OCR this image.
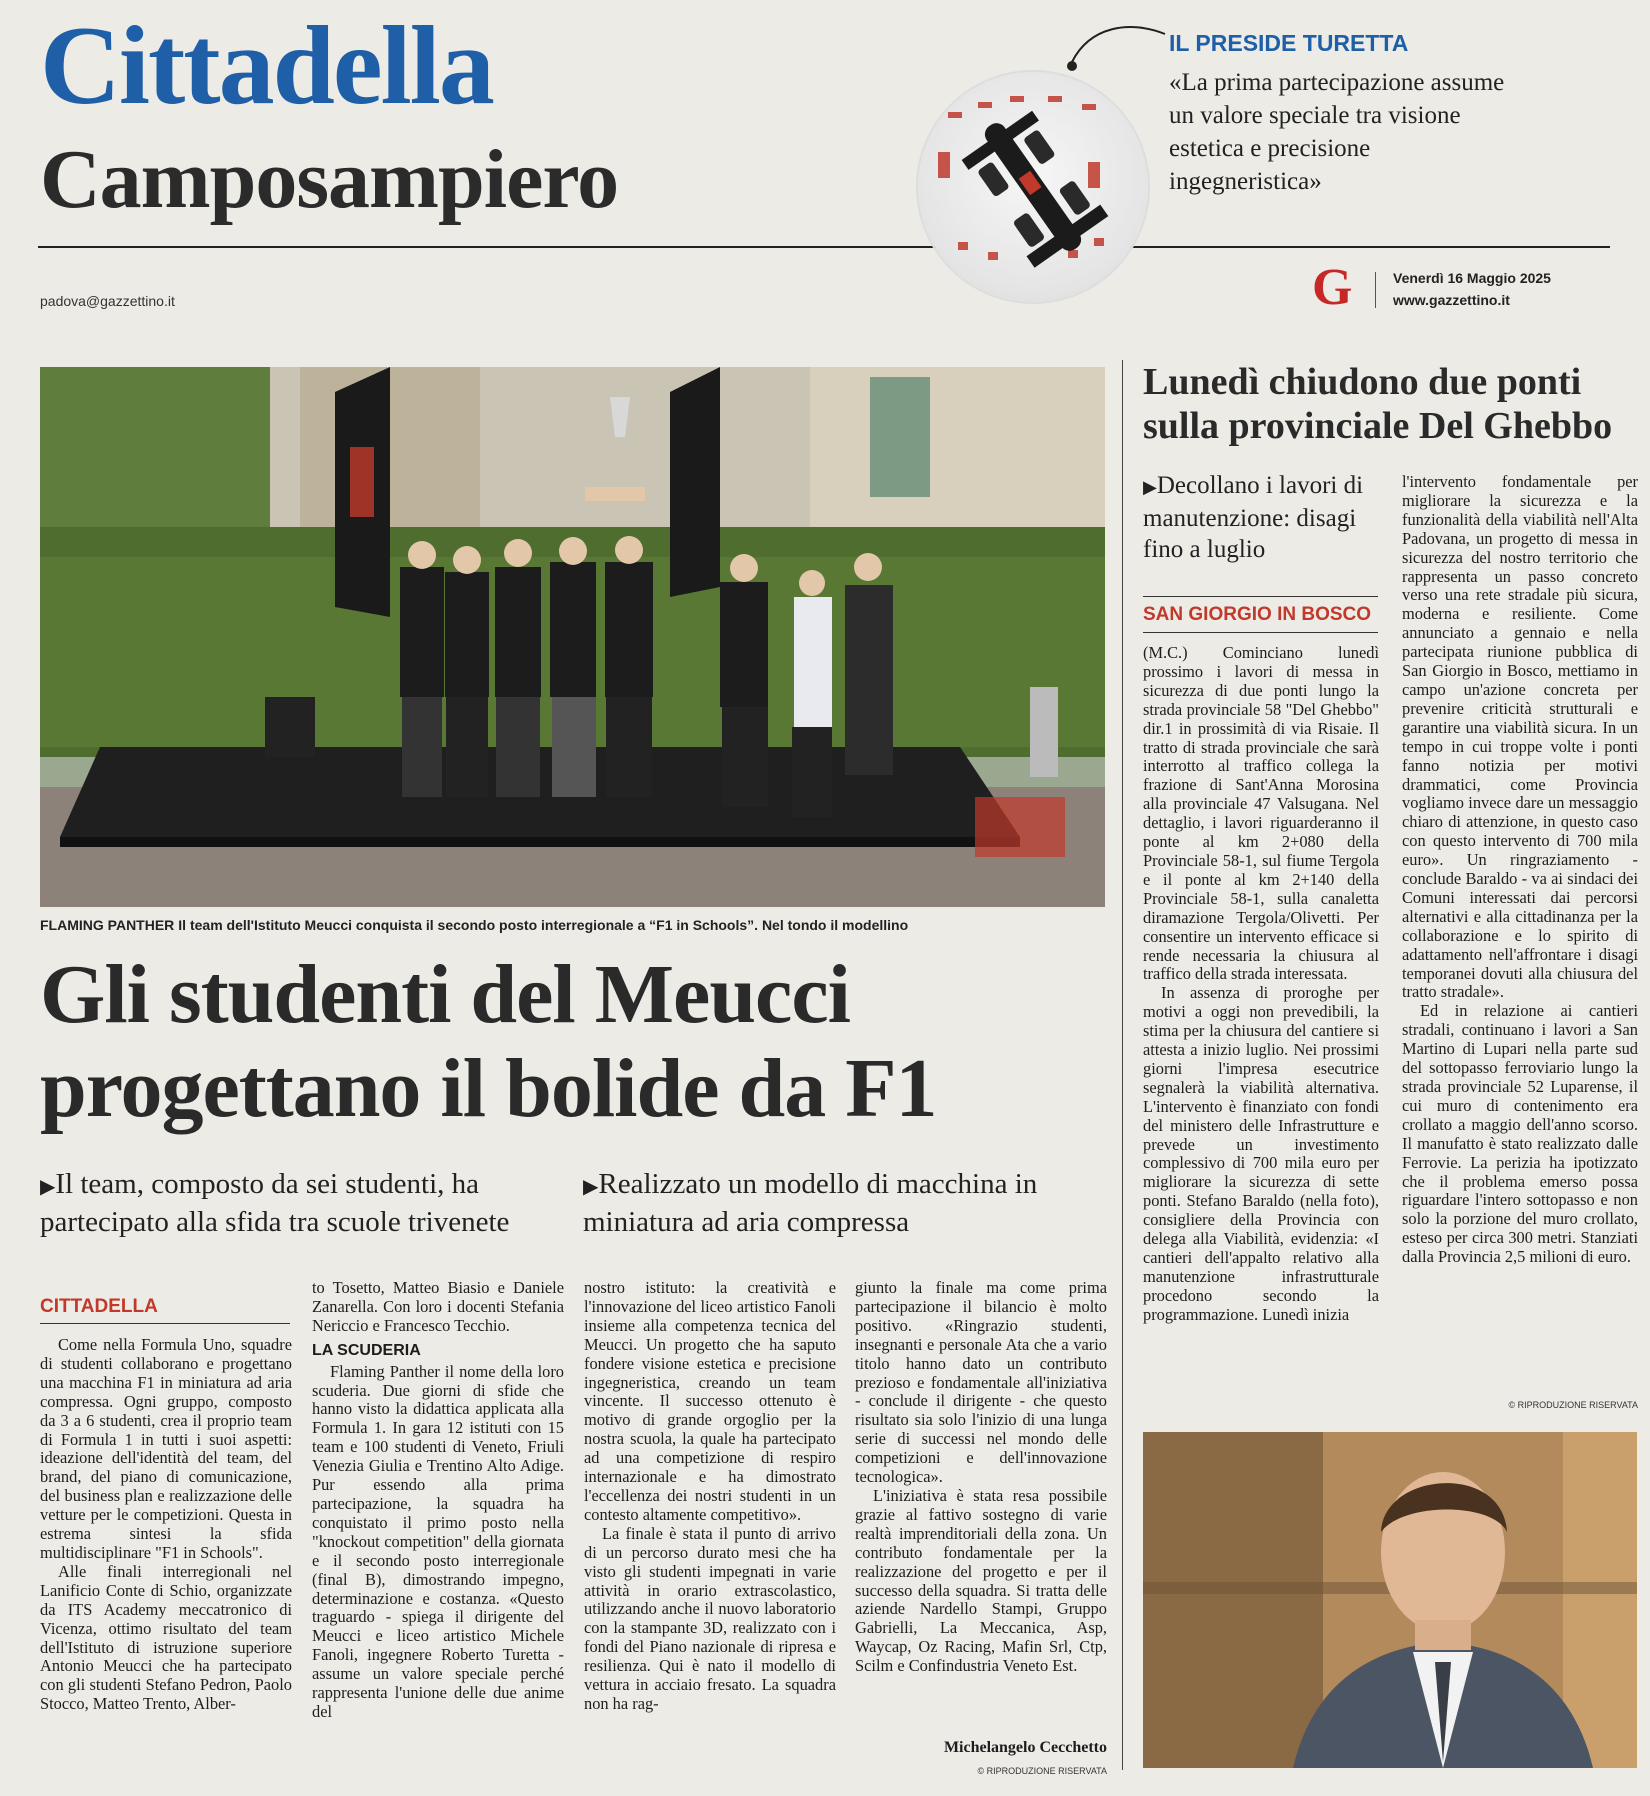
Cittadella
Camposampiero
padova@gazzettino.it	G	Venerdì 16 Maggio 2025
www.gazzettino.it
IL PRESIDE TURETTA
«La prima partecipazione assume un valore speciale tra visione estetica e precisione ingegneristica»
FLAMING PANTHER Il team dell'Istituto Meucci conquista il secondo posto interregionale a “F1 in Schools”. Nel tondo il modellino
Gli studenti del Meucci
progettano il bolide da F1
▶Il team, composto da sei studenti, ha partecipato alla sfida tra scuole trivenete
▶Realizzato un modello di macchina in miniatura ad aria compressa
CITTADELLA

Come nella Formula Uno, squadre di studenti collaborano e progettano una macchina F1 in miniatura ad aria compressa. Ogni gruppo, composto da 3 a 6 studenti, crea il proprio team di Formula 1 in tutti i suoi aspetti: ideazione dell'identità del team, del brand, del piano di comunicazione, del business plan e realizzazione delle vetture per le competizioni. Questa in estrema sintesi la sfida multidisciplinare "F1 in Schools".

Alle finali interregionali nel Lanificio Conte di Schio, organizzate da ITS Academy meccatronico di Vicenza, ottimo risultato del team dell'Istituto di istruzione superiore Antonio Meucci che ha partecipato con gli studenti Stefano Pedron, Paolo Stocco, Matteo Trento, Alber-

to Tosetto, Matteo Biasio e Daniele Zanarella. Con loro i docenti Stefania Nericcio e Francesco Tecchio.

LA SCUDERIA

Flaming Panther il nome della loro scuderia. Due giorni di sfide che hanno visto la didattica applicata alla Formula 1. In gara 12 istituti con 15 team e 100 studenti di Veneto, Friuli Venezia Giulia e Trentino Alto Adige. Pur essendo alla prima partecipazione, la squadra ha conquistato il primo posto nella "knockout competition" della giornata e il secondo posto interregionale (final B), dimostrando impegno, determinazione e costanza. «Questo traguardo - spiega il dirigente del Meucci e liceo artistico Michele Fanoli, ingegnere Roberto Turetta - assume un valore speciale perché rappresenta l'unione delle due anime del

nostro istituto: la creatività e l'innovazione del liceo artistico Fanoli insieme alla competenza tecnica del Meucci. Un progetto che ha saputo fondere visione estetica e precisione ingegneristica, creando un team vincente. Il successo ottenuto è motivo di grande orgoglio per la nostra scuola, la quale ha partecipato ad una competizione di respiro internazionale e ha dimostrato l'eccellenza dei nostri studenti in un contesto altamente competitivo».

La finale è stata il punto di arrivo di un percorso durato mesi che ha visto gli studenti impegnati in varie attività in orario extrascolastico, utilizzando anche il nuovo laboratorio con la stampante 3D, realizzato con i fondi del Piano nazionale di ripresa e resilienza. Qui è nato il modello di vettura in acciaio fresato. La squadra non ha rag-

giunto la finale ma come prima partecipazione il bilancio è molto positivo. «Ringrazio studenti, insegnanti e personale Ata che a vario titolo hanno dato un contributo prezioso e fondamentale all'iniziativa - conclude il dirigente - che questo risultato sia solo l'inizio di una lunga serie di successi nel mondo delle competizioni e dell'innovazione tecnologica».

L'iniziativa è stata resa possibile grazie al fattivo sostegno di varie realtà imprenditoriali della zona. Un contributo fondamentale per la realizzazione del progetto e per il successo della squadra. Si tratta delle aziende Nardello Stampi, Gruppo Gabrielli, La Meccanica, Asp, Waycap, Oz Racing, Mafin Srl, Ctp, Scilm e Confindustria Veneto Est.

Michelangelo Cecchetto
© RIPRODUZIONE RISERVATA
Lunedì chiudono due ponti sulla provinciale Del Ghebbo
▶Decollano i lavori di manutenzione: disagi fino a luglio
SAN GIORGIO IN BOSCO

(M.C.) Cominciano lunedì prossimo i lavori di messa in sicurezza di due ponti lungo la strada provinciale 58 "Del Ghebbo" dir.1 in prossimità di via Risaie. Il tratto di strada provinciale che sarà interrotto al traffico collega la frazione di Sant'Anna Morosina alla provinciale 47 Valsugana. Nel dettaglio, i lavori riguarderanno il ponte al km 2+080 della Provinciale 58-1, sul fiume Tergola e il ponte al km 2+140 della Provinciale 58-1, sulla canaletta diramazione Tergola/Olivetti. Per consentire un intervento efficace si rende necessaria la chiusura al traffico della strada interessata.

In assenza di proroghe per motivi a oggi non prevedibili, la stima per la chiusura del cantiere si attesta a inizio luglio. Nei prossimi giorni l'impresa esecutrice segnalerà la viabilità alternativa. L'intervento è finanziato con fondi del ministero delle Infrastrutture e prevede un investimento complessivo di 700 mila euro per migliorare la sicurezza di sette ponti. Stefano Baraldo (nella foto), consigliere della Provincia con delega alla Viabilità, evidenzia: «I cantieri dell'appalto relativo alla manutenzione infrastrutturale procedono secondo la programmazione. Lunedì inizia

l'intervento fondamentale per migliorare la sicurezza e la funzionalità della viabilità nell'Alta Padovana, un progetto di messa in sicurezza del nostro territorio che rappresenta un passo concreto verso una rete stradale più sicura, moderna e resiliente. Come annunciato a gennaio e nella partecipata riunione pubblica di San Giorgio in Bosco, mettiamo in campo un'azione concreta per prevenire criticità strutturali e garantire una viabilità sicura. In un tempo in cui troppe volte i ponti fanno notizia per motivi drammatici, come Provincia vogliamo invece dare un messaggio chiaro di attenzione, in questo caso con questo intervento di 700 mila euro». Un ringraziamento - conclude Baraldo - va ai sindaci dei Comuni interessati dai percorsi alternativi e alla cittadinanza per la collaborazione e lo spirito di adattamento nell'affrontare i disagi temporanei dovuti alla chiusura del tratto stradale».

Ed in relazione ai cantieri stradali, continuano i lavori a San Martino di Lupari nella parte sud del sottopasso ferroviario lungo la strada provinciale 52 Luparense, il cui muro di contenimento era crollato a maggio dell'anno scorso. Il manufatto è stato realizzato dalle Ferrovie. La perizia ha ipotizzato che il problema emerso possa riguardare l'intero sottopasso e non solo la porzione del muro crollato, esteso per circa 300 metri. Stanziati dalla Provincia 2,5 milioni di euro.

© RIPRODUZIONE RISERVATA
